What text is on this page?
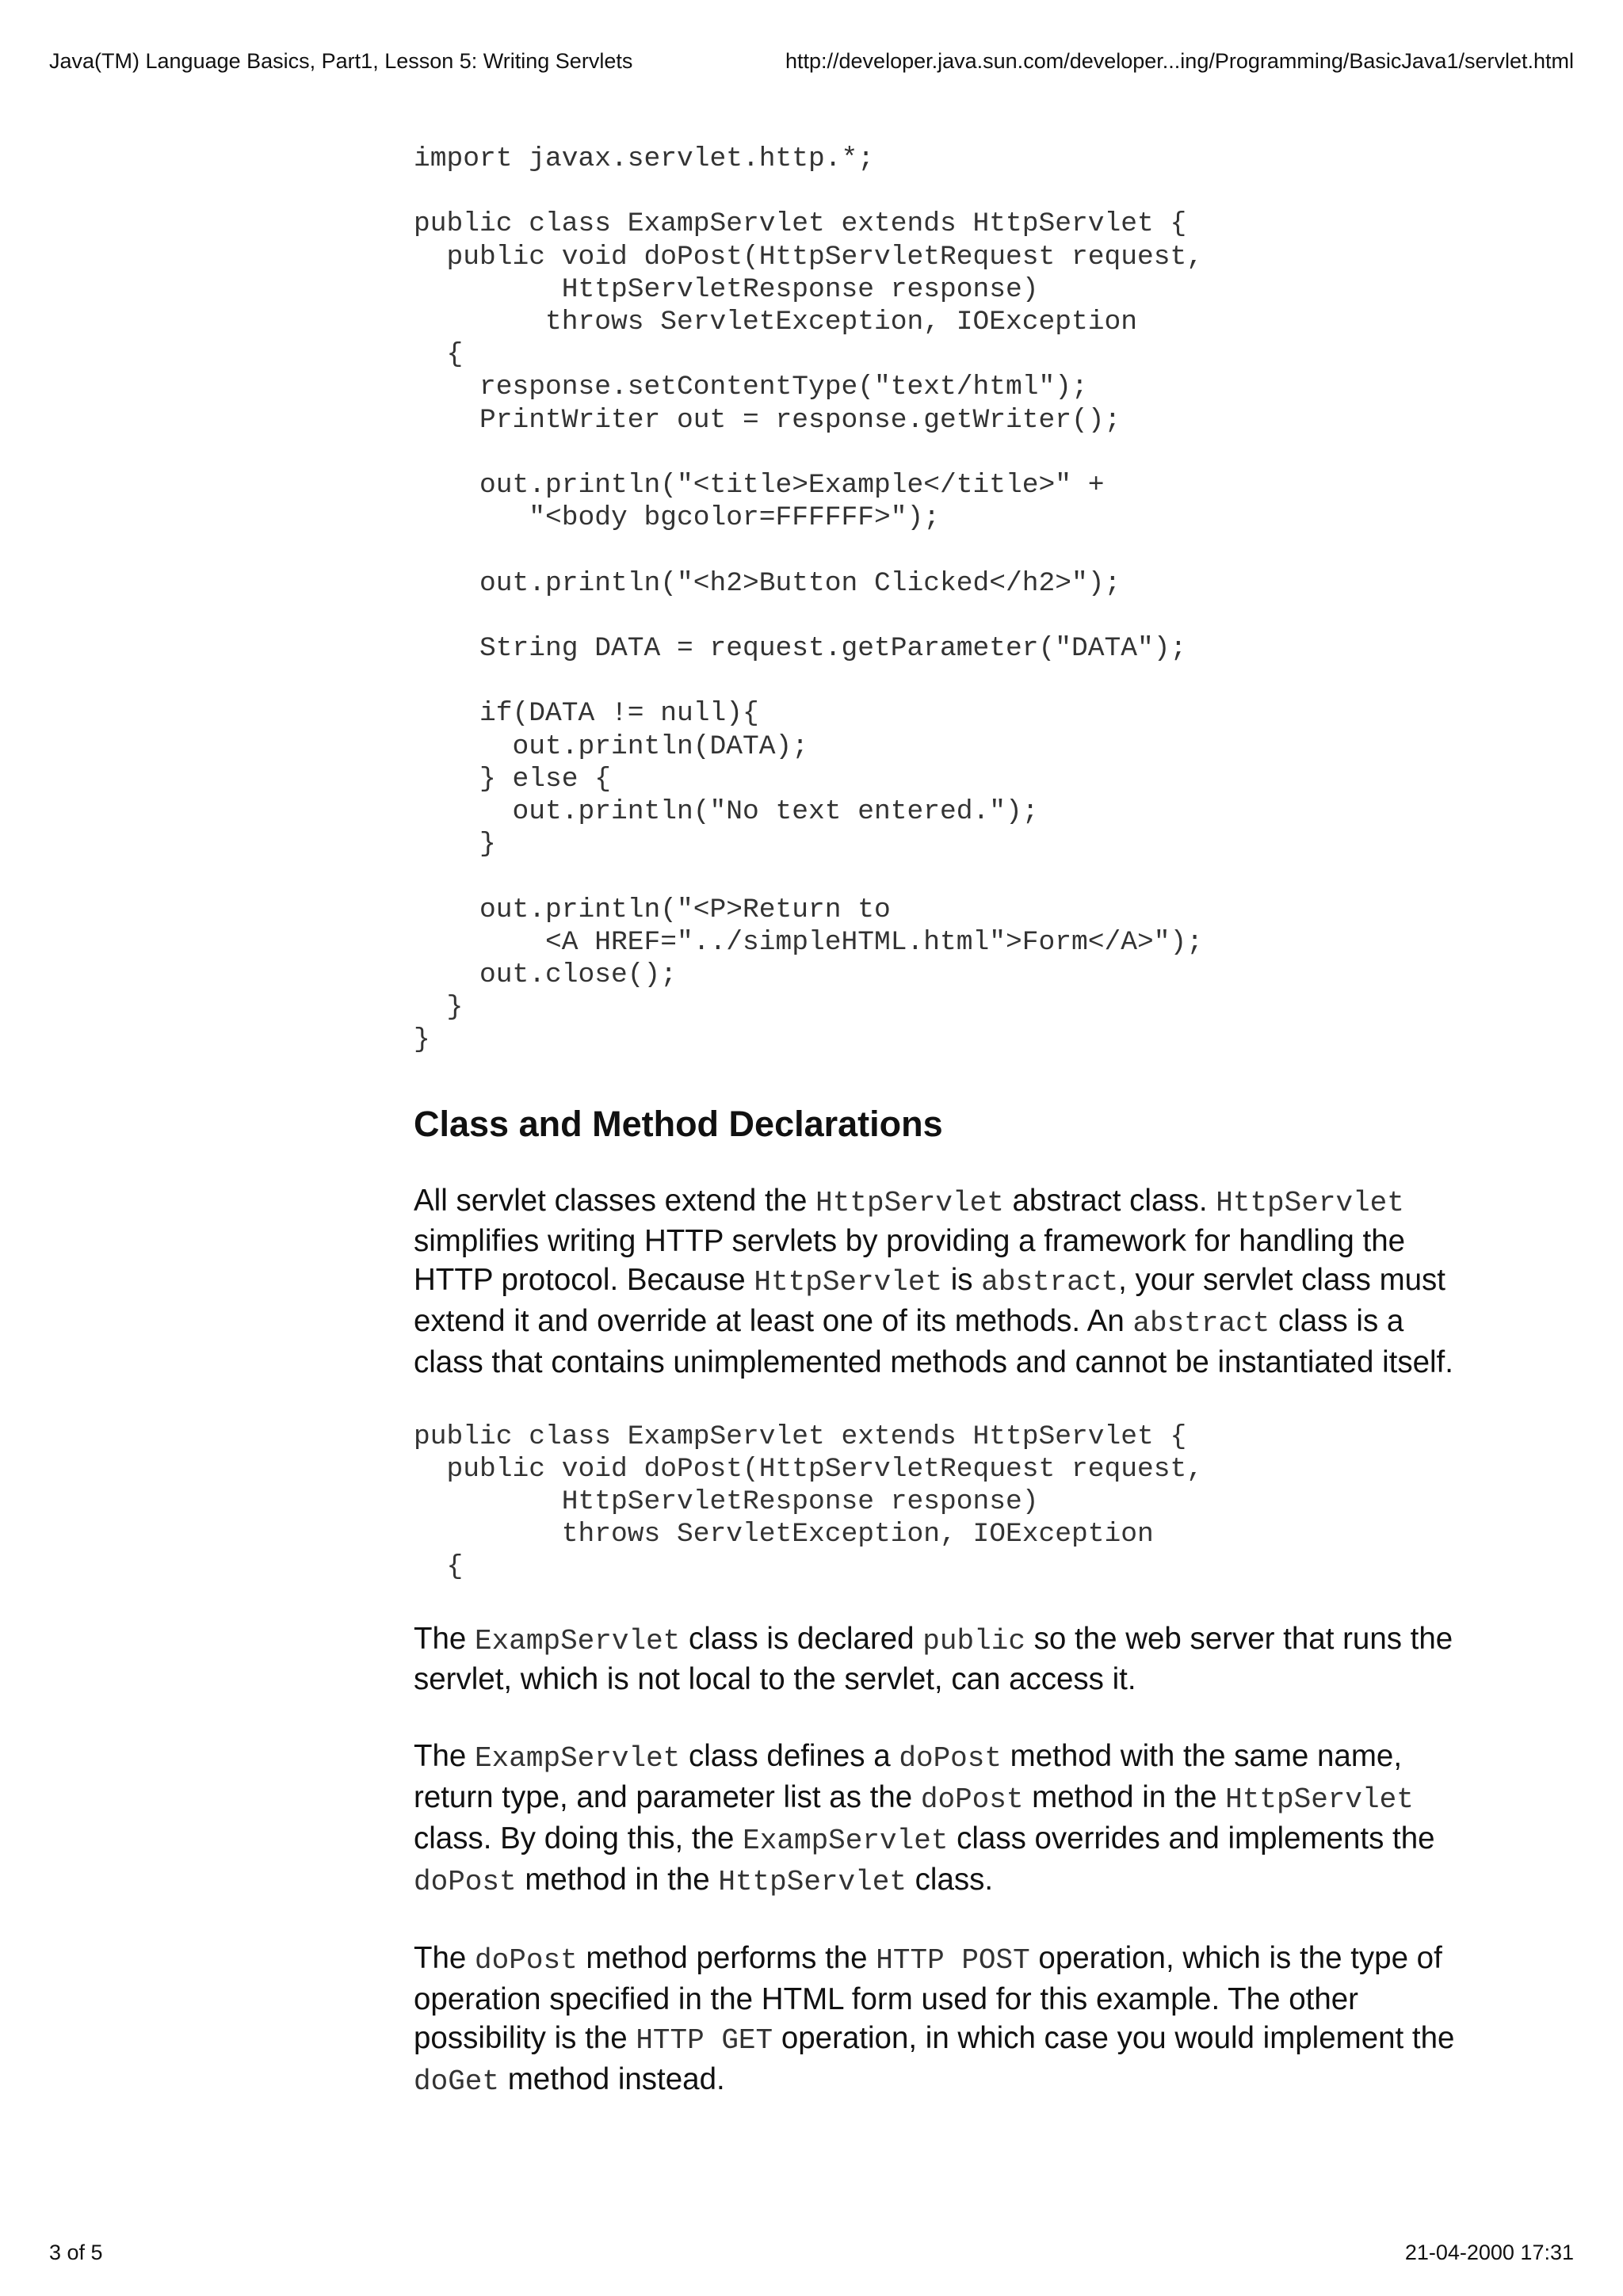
Java(TM) Language Basics, Part1, Lesson 5: Writing Servlets	http://developer.java.sun.com/developer...ing/Programming/BasicJava1/servlet.html
import javax.servlet.http.*;

public class ExampServlet extends HttpServlet {
public void doPost(HttpServletRequest request,
HttpServletResponse response)
throws ServletException, IOException
{
response.setContentType("text/html");
PrintWriter out = response.getWriter();

out.println("<title>Example</title>" +
"<body bgcolor=FFFFFF>");

out.println("<h2>Button Clicked</h2>");

String DATA = request.getParameter("DATA");

if(DATA != null){
out.println(DATA);
} else {
out.println("No text entered.");
}

out.println("<P>Return to
<A HREF="../simpleHTML.html">Form</A>");
out.close();
}
}
Class and Method Declarations

All servlet classes extend the HttpServlet abstract class. HttpServlet simplifies writing HTTP servlets by providing a framework for handling the HTTP protocol. Because HttpServlet is abstract, your servlet class must extend it and override at least one of its methods. An abstract class is a class that contains unimplemented methods and cannot be instantiated itself.

public class ExampServlet extends HttpServlet {
public void doPost(HttpServletRequest request,
HttpServletResponse response)
throws ServletException, IOException
{

The ExampServlet class is declared public so the web server that runs the servlet, which is not local to the servlet, can access it.

The ExampServlet class defines a doPost method with the same name, return type, and parameter list as the doPost method in the HttpServlet class. By doing this, the ExampServlet class overrides and implements the doPost method in the HttpServlet class.

The doPost method performs the HTTP POST operation, which is the type of operation specified in the HTML form used for this example. The other possibility is the HTTP GET operation, in which case you would implement the doGet method instead.

3 of 5	21-04-2000 17:31
